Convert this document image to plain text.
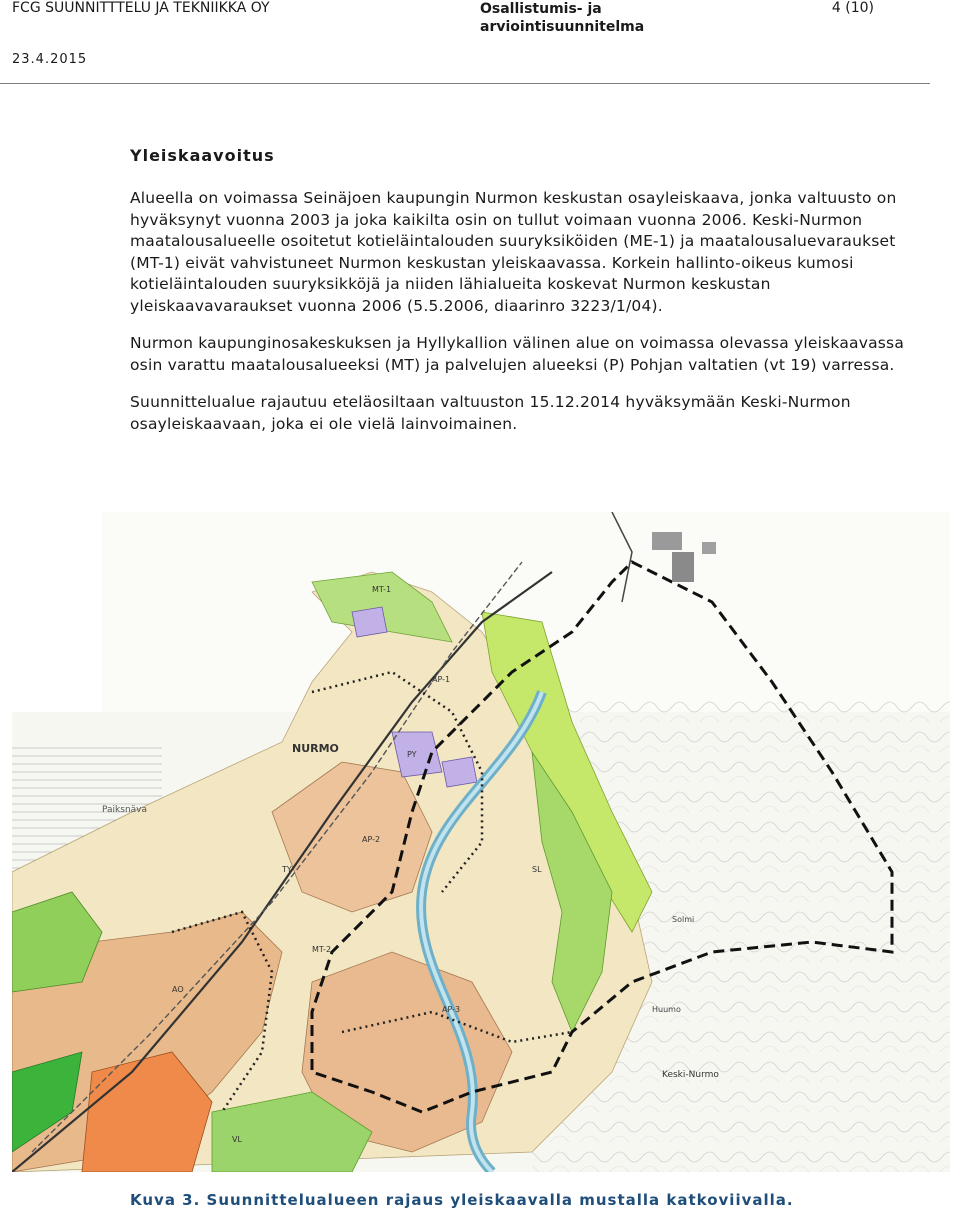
FCG SUUNNITTTELU JA TEKNIIKKA OY	Osallistumis- ja arviointisuunnitelma
4 (10)
23.4.2015
Yleiskaavoitus

Alueella on voimassa Seinäjoen kaupungin Nurmon keskustan osayleiskaava, jonka valtuusto on hyväksynyt vuonna 2003 ja joka kaikilta osin on tullut voimaan vuonna 2006. Keski-Nurmon maatalousalueelle osoitetut kotieläintalouden suuryksiköiden (ME-1) ja maatalousaluevaraukset (MT-1) eivät vahvistuneet Nurmon keskustan yleiskaavassa. Korkein hallinto-oikeus kumosi kotieläintalouden suuryksikköjä ja niiden lähialueita koskevat Nurmon keskustan yleiskaavavaraukset vuonna 2006 (5.5.2006, diaarinro 3223/1/04).

Nurmon kaupunginosakeskuksen ja Hyllykallion välinen alue on voimassa olevassa yleiskaavassa osin varattu maatalousalueeksi (MT) ja palvelujen alueeksi (P) Pohjan valtatien (vt 19) varressa.

Suunnittelualue rajautuu eteläosiltaan valtuuston 15.12.2014 hyväksymään Keski-Nurmon osayleiskaavaan, joka ei ole vielä lainvoimainen.

NURMO
Paiksnäva
Keski-Nurmo
Solmi
Huumo
MT-1
AP-1
AP-2
AP-3
MT-2
PY
TY
AO
VL
SL
Kuva 3. Suunnittelualueen rajaus yleiskaavalla mustalla katkoviivalla.
